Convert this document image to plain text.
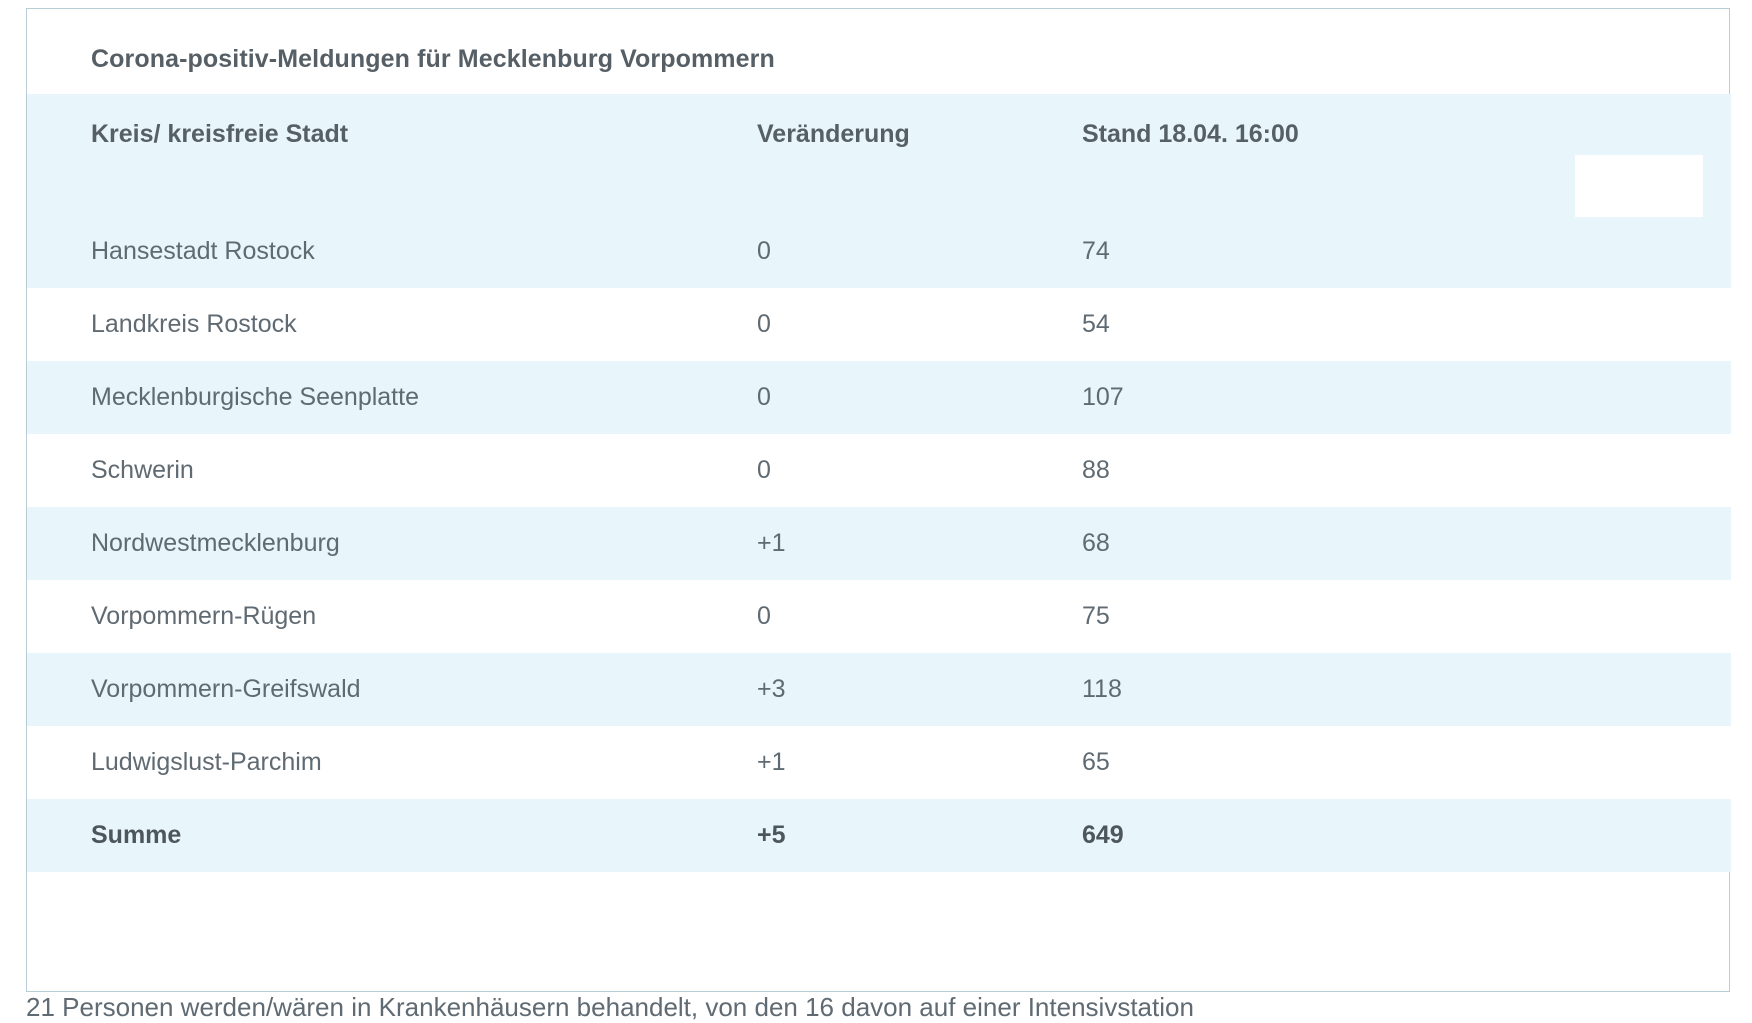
Corona-positiv-Meldungen für Mecklenburg Vorpommern
Kreis/ kreisfreie Stadt	Veränderung	Stand 18.04. 16:00	

Hansestadt Rostock	0	74	
Landkreis Rostock	0	54	
Mecklenburgische Seenplatte	0	107	
Schwerin	0	88	
Nordwestmecklenburg	+1	68	
Vorpommern-Rügen	0	75	
Vorpommern-Greifswald	+3	118	
Ludwigslust-Parchim	+1	65	
Summe	+5	649	
21 Personen werden/wären in Krankenhäusern behandelt, von den 16 davon auf einer Intensivstation
